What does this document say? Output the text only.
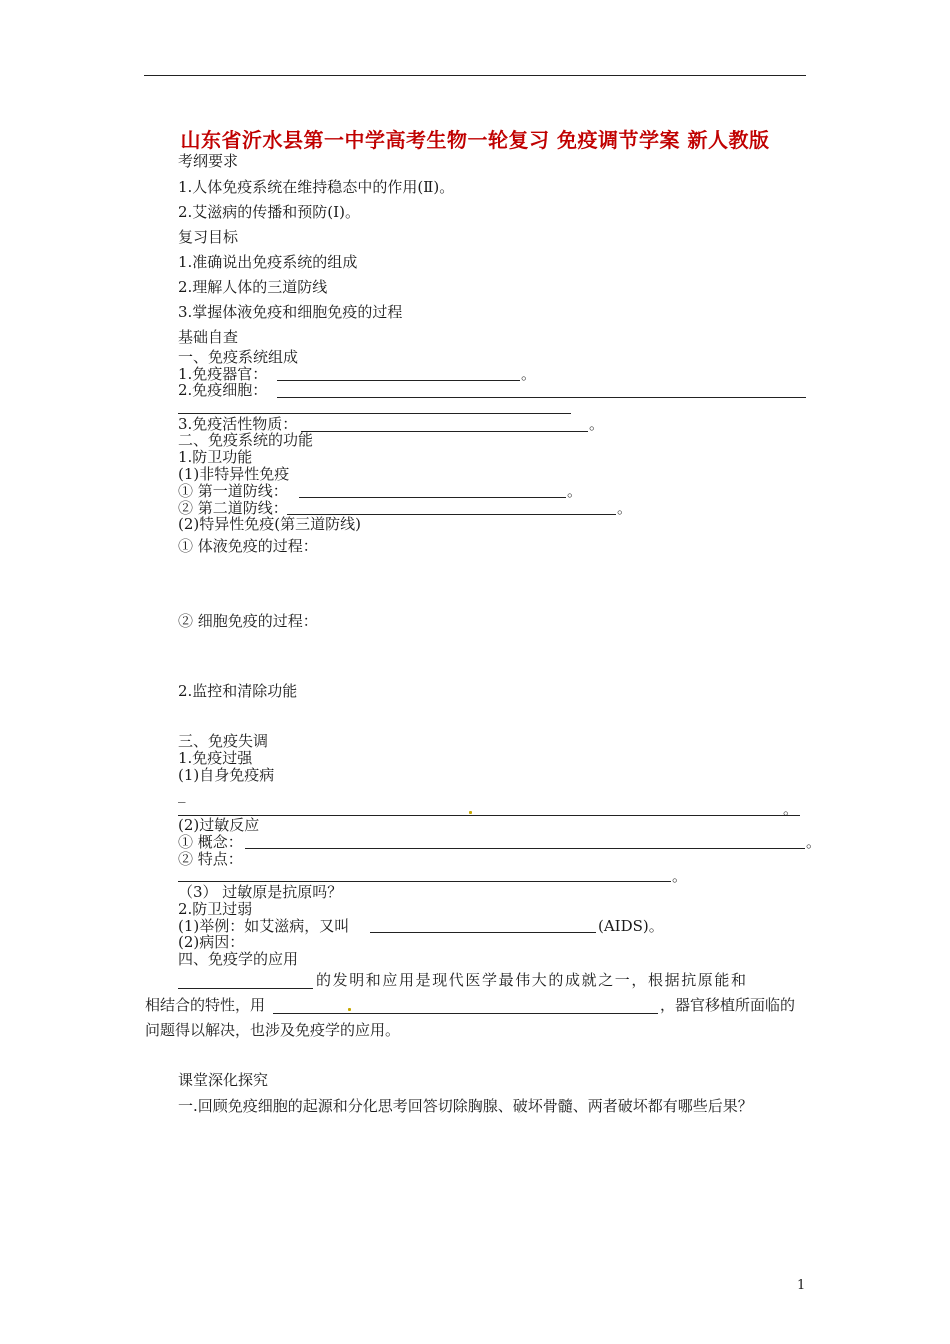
山东省沂水县第一中学高考生物一轮复习 免疫调节学案 新人教版
考纲要求
1.人体免疫系统在维持稳态中的作用(Ⅱ)。
2.艾滋病的传播和预防(Ⅰ)。
复习目标
1.准确说出免疫系统的组成
2.理解人体的三道防线
3.掌握体液免疫和细胞免疫的过程
基础自查
一、免疫系统组成
1.免疫器官：	。
2.免疫细胞：
3.免疫活性物质：	。
二、免疫系统的功能
1.防卫功能
(1)非特异性免疫
① 第一道防线：	。
② 第二道防线：	。
(2)特异性免疫(第三道防线)
① 体液免疫的过程：
② 细胞免疫的过程：
2.监控和清除功能
三、免疫失调
1.免疫过强
(1)自身免疫病
_
。
(2)过敏反应
① 概念：	。
② 特点：
。
（3） 过敏原是抗原吗？
2.防卫过弱
(1)举例：如艾滋病，又叫	(AIDS)。
(2)病因：
四、免疫学的应用
的发明和应用是现代医学最伟大的成就之一，根据抗原能和
相结合的特性，用	，器官移植所面临的
问题得以解决，也涉及免疫学的应用。
课堂深化探究
一.回顾免疫细胞的起源和分化思考回答切除胸腺、破坏骨髓、两者破坏都有哪些后果？
1
